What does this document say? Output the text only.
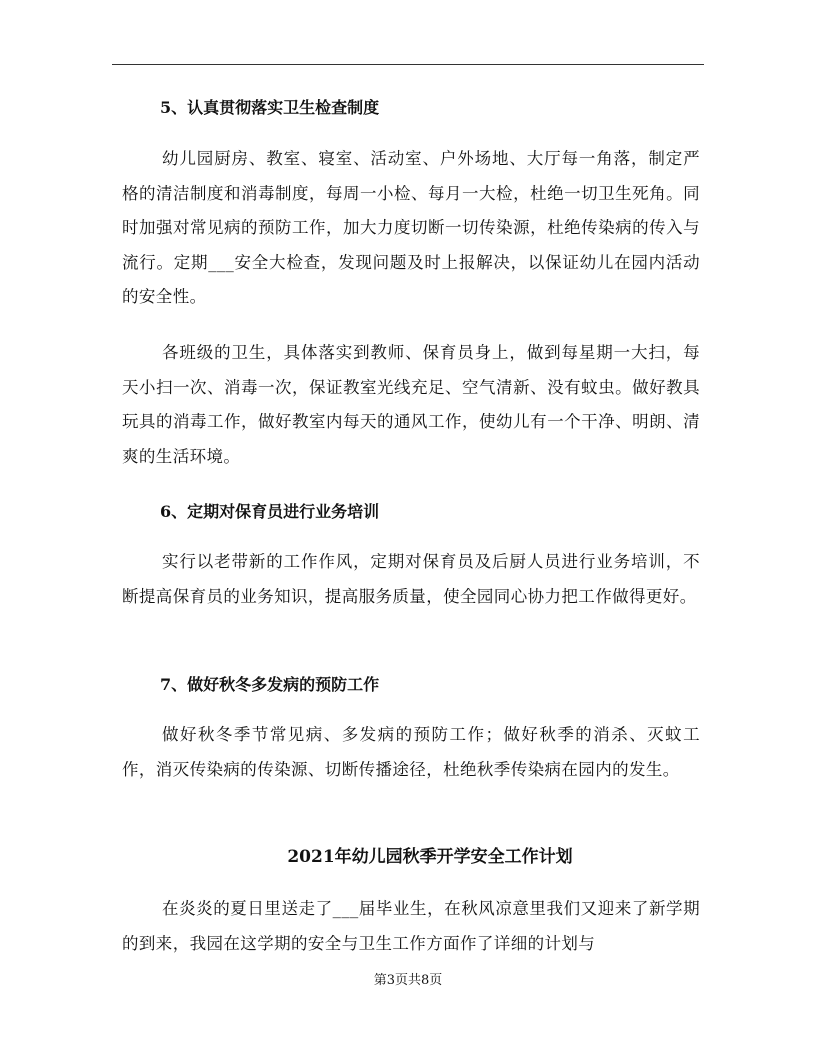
5、认真贯彻落实卫生检查制度
幼儿园厨房、教室、寝室、活动室、户外场地、大厅每一角落，制定严格的清洁制度和消毒制度，每周一小检、每月一大检，杜绝一切卫生死角。同时加强对常见病的预防工作，加大力度切断一切传染源，杜绝传染病的传入与流行。定期___安全大检查，发现问题及时上报解决，以保证幼儿在园内活动的安全性。
各班级的卫生，具体落实到教师、保育员身上，做到每星期一大扫，每天小扫一次、消毒一次，保证教室光线充足、空气清新、没有蚊虫。做好教具玩具的消毒工作，做好教室内每天的通风工作，使幼儿有一个干净、明朗、清爽的生活环境。
6、定期对保育员进行业务培训
实行以老带新的工作作风，定期对保育员及后厨人员进行业务培训，不断提高保育员的业务知识，提高服务质量，使全园同心协力把工作做得更好。
7、做好秋冬多发病的预防工作
做好秋冬季节常见病、多发病的预防工作；做好秋季的消杀、灭蚊工作，消灭传染病的传染源、切断传播途径，杜绝秋季传染病在园内的发生。
2021年幼儿园秋季开学安全工作计划
在炎炎的夏日里送走了___届毕业生，在秋风凉意里我们又迎来了新学期的到来，我园在这学期的安全与卫生工作方面作了详细的计划与
第3页共8页
